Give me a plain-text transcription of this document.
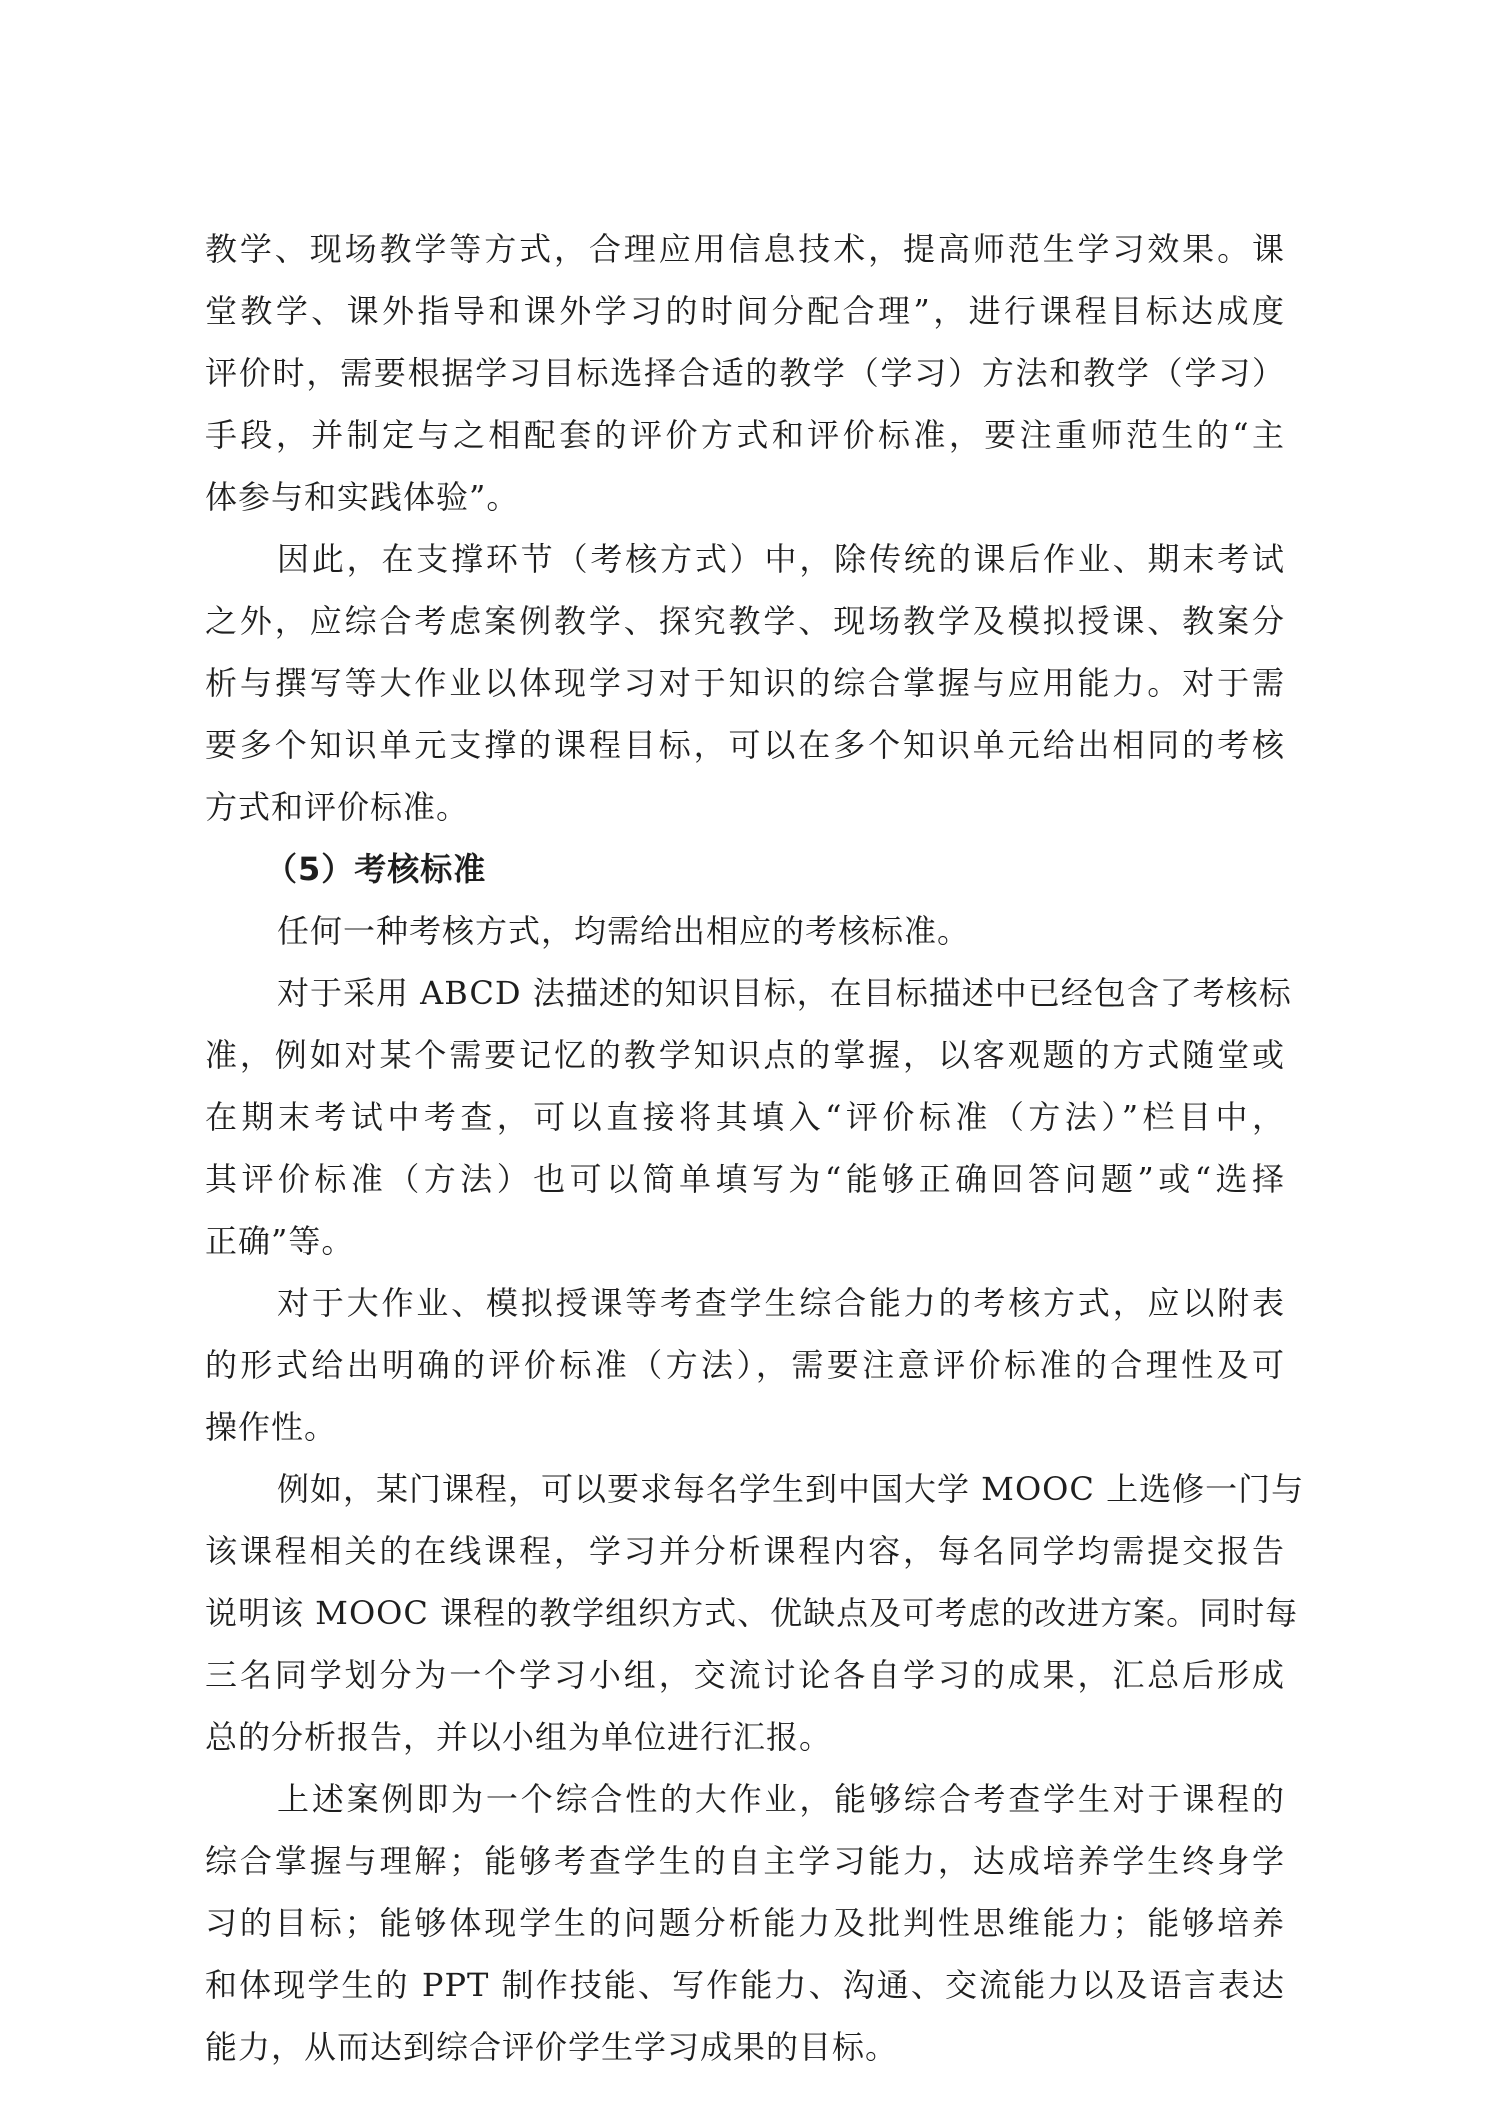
教学、现场教学等方式，合理应用信息技术，提高师范生学习效果。课
堂教学、课外指导和课外学习的时间分配合理”，进行课程目标达成度
评价时，需要根据学习目标选择合适的教学（学习）方法和教学（学习）
手段，并制定与之相配套的评价方式和评价标准，要注重师范生的“主
体参与和实践体验”。
因此，在支撑环节（考核方式）中，除传统的课后作业、期末考试
之外，应综合考虑案例教学、探究教学、现场教学及模拟授课、教案分
析与撰写等大作业以体现学习对于知识的综合掌握与应用能力。对于需
要多个知识单元支撑的课程目标，可以在多个知识单元给出相同的考核
方式和评价标准。
（5）考核标准
任何一种考核方式，均需给出相应的考核标准。
对于采用 ABCD 法描述的知识目标，在目标描述中已经包含了考核标
准，例如对某个需要记忆的教学知识点的掌握，以客观题的方式随堂或
在期末考试中考查，可以直接将其填入“评价标准（方法）”栏目中，
其评价标准（方法）也可以简单填写为“能够正确回答问题”或“选择
正确”等。
对于大作业、模拟授课等考查学生综合能力的考核方式，应以附表
的形式给出明确的评价标准（方法），需要注意评价标准的合理性及可
操作性。
例如，某门课程，可以要求每名学生到中国大学 MOOC 上选修一门与
该课程相关的在线课程，学习并分析课程内容，每名同学均需提交报告
说明该 MOOC 课程的教学组织方式、优缺点及可考虑的改进方案。同时每
三名同学划分为一个学习小组，交流讨论各自学习的成果，汇总后形成
总的分析报告，并以小组为单位进行汇报。
上述案例即为一个综合性的大作业，能够综合考查学生对于课程的
综合掌握与理解；能够考查学生的自主学习能力，达成培养学生终身学
习的目标；能够体现学生的问题分析能力及批判性思维能力；能够培养
和体现学生的 PPT 制作技能、写作能力、沟通、交流能力以及语言表达
能力，从而达到综合评价学生学习成果的目标。
